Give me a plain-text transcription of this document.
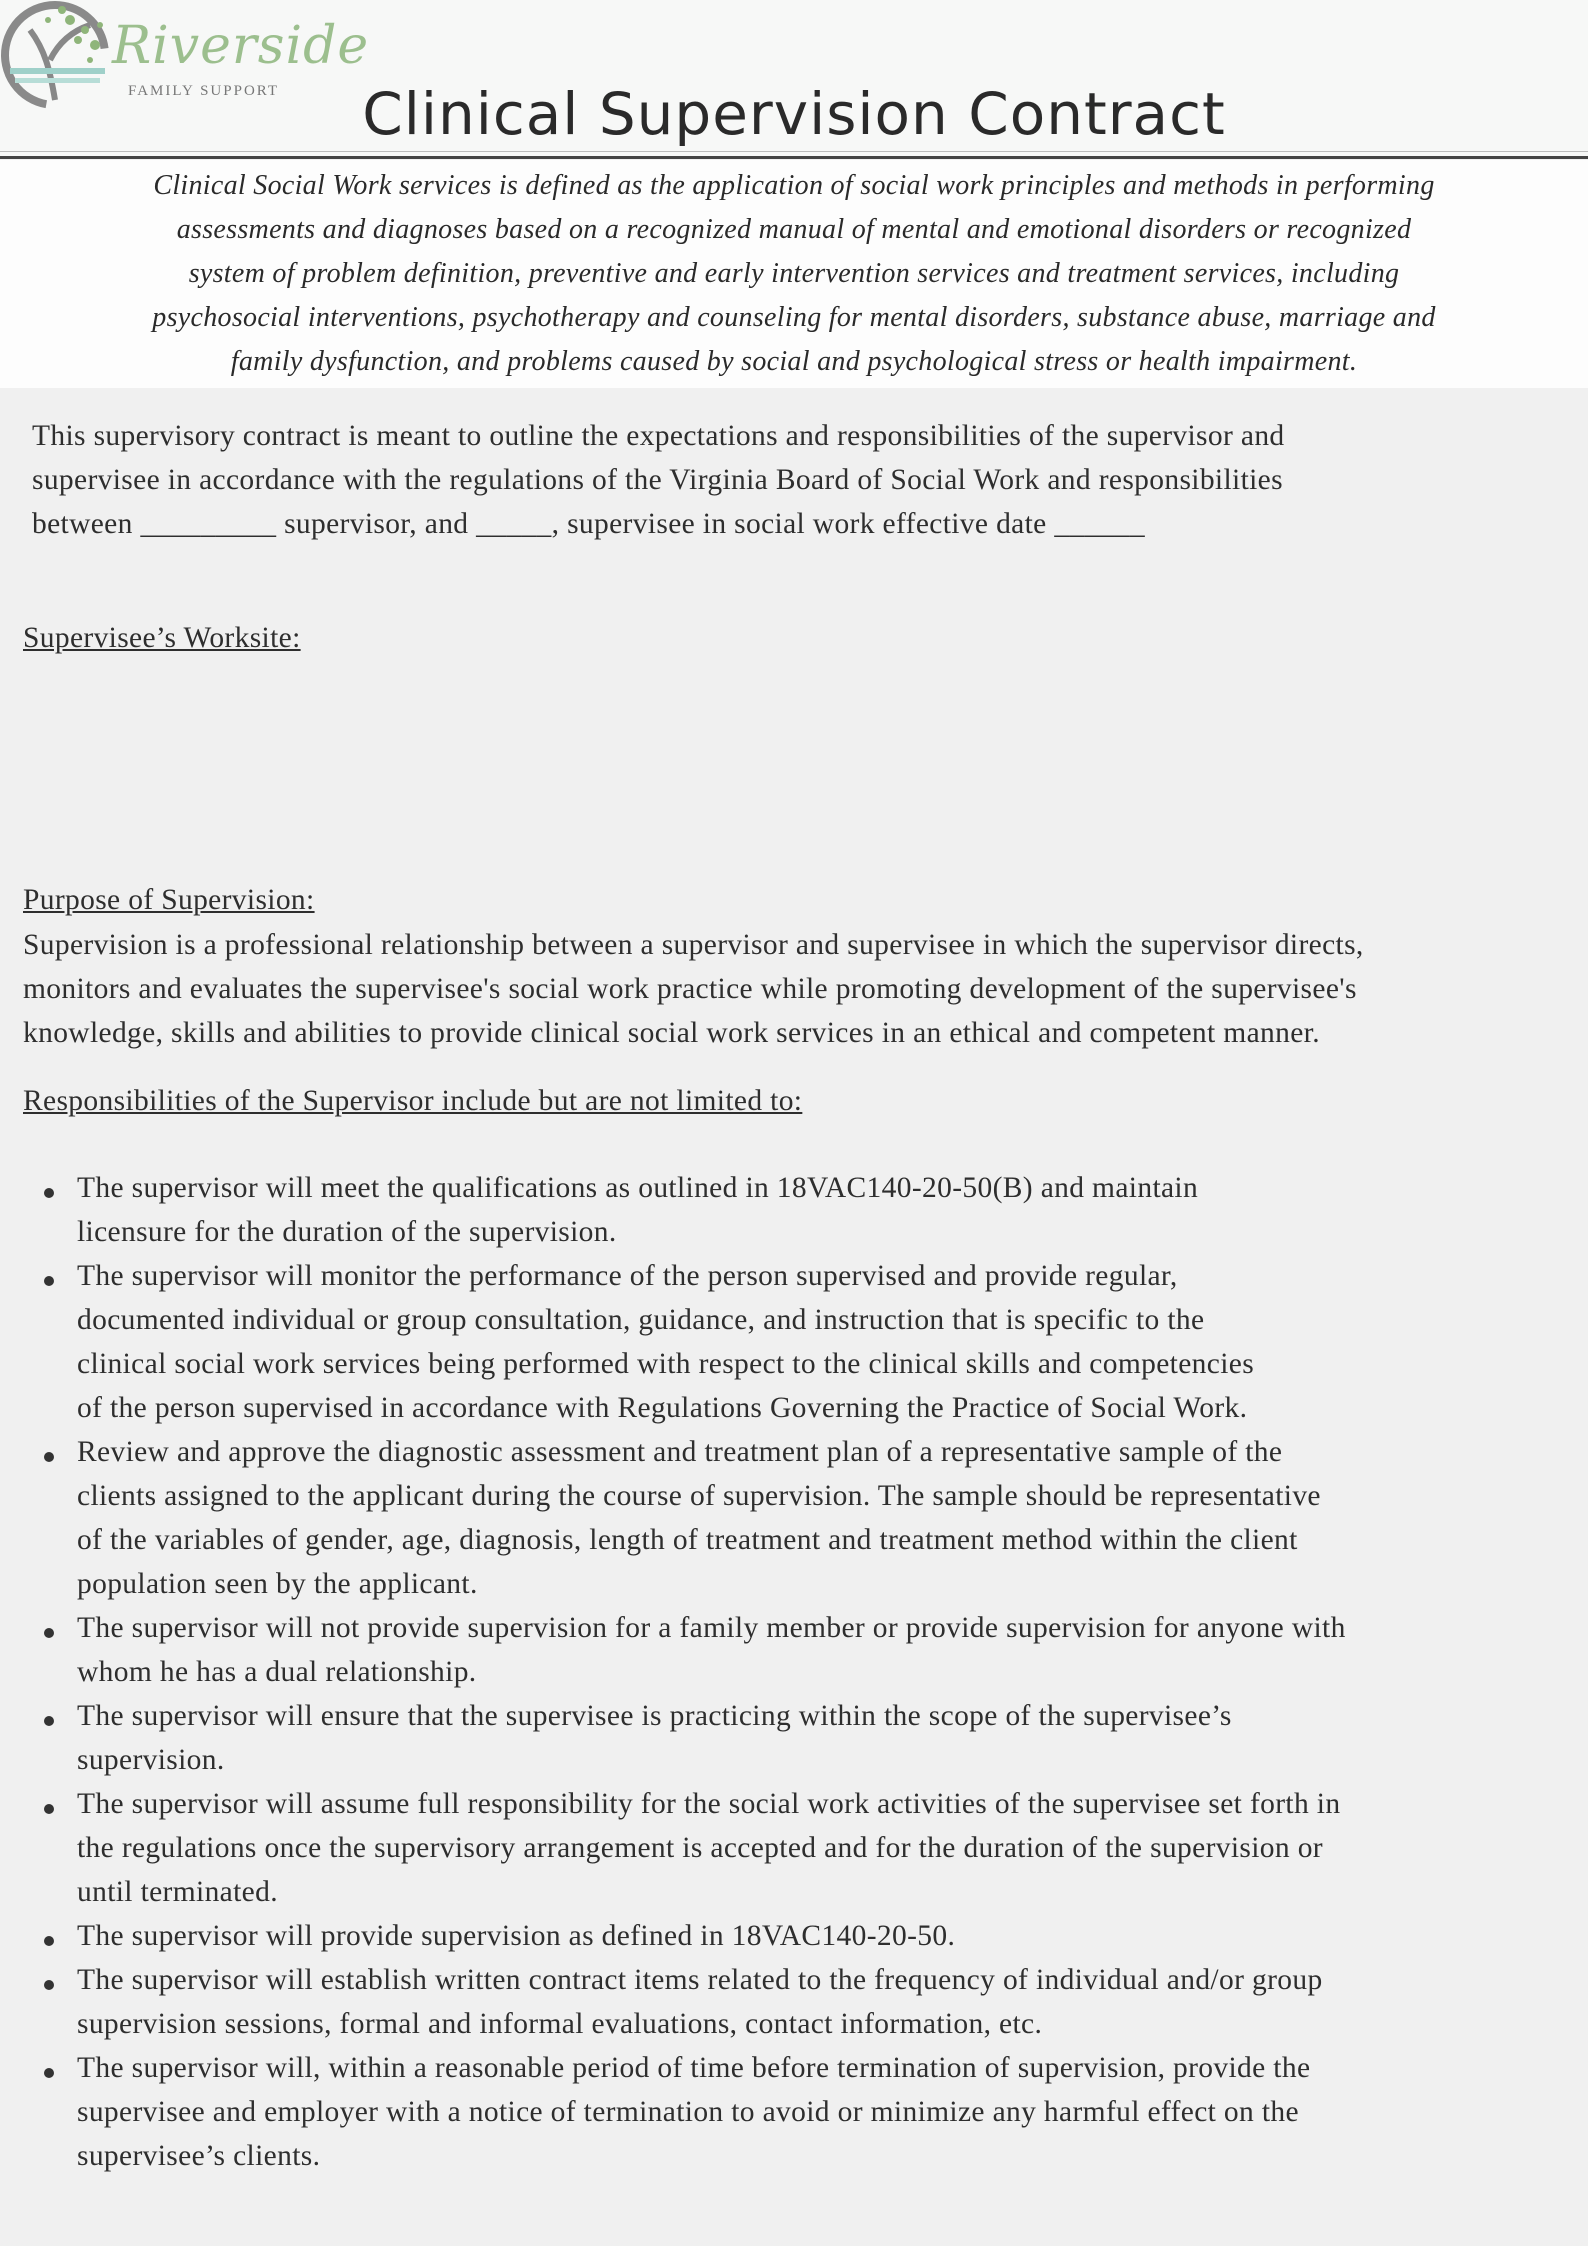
Riverside
FAMILY SUPPORT	Clinical Supervision Contract
Clinical Social Work services is defined as the application of social work principles and methods in performing
assessments and diagnoses based on a recognized manual of mental and emotional disorders or recognized
system of problem definition, preventive and early intervention services and treatment services, including
psychosocial interventions, psychotherapy and counseling for mental disorders, substance abuse, marriage and
family dysfunction, and problems caused by social and psychological stress or health impairment.
This supervisory contract is meant to outline the expectations and responsibilities of the supervisor and
supervisee in accordance with the regulations of the Virginia Board of Social Work and responsibilities
between _________ supervisor, and _____, supervisee in social work effective date ______
Supervisee’s Worksite:
Purpose of Supervision:
Supervision is a professional relationship between a supervisor and supervisee in which the supervisor directs,
monitors and evaluates the supervisee's social work practice while promoting development of the supervisee's
knowledge, skills and abilities to provide clinical social work services in an ethical and competent manner.
Responsibilities of the Supervisor include but are not limited to:
The supervisor will meet the qualifications as outlined in 18VAC140-20-50(B) and maintain
licensure for the duration of the supervision.
The supervisor will monitor the performance of the person supervised and provide regular,
documented individual or group consultation, guidance, and instruction that is specific to the
clinical social work services being performed with respect to the clinical skills and competencies
of the person supervised in accordance with Regulations Governing the Practice of Social Work.
Review and approve the diagnostic assessment and treatment plan of a representative sample of the
clients assigned to the applicant during the course of supervision. The sample should be representative
of the variables of gender, age, diagnosis, length of treatment and treatment method within the client
population seen by the applicant.
The supervisor will not provide supervision for a family member or provide supervision for anyone with
whom he has a dual relationship.
The supervisor will ensure that the supervisee is practicing within the scope of the supervisee’s
supervision.
The supervisor will assume full responsibility for the social work activities of the supervisee set forth in
the regulations once the supervisory arrangement is accepted and for the duration of the supervision or
until terminated.
The supervisor will provide supervision as defined in 18VAC140-20-50.
The supervisor will establish written contract items related to the frequency of individual and/or group
supervision sessions, formal and informal evaluations, contact information, etc.
The supervisor will, within a reasonable period of time before termination of supervision, provide the
supervisee and employer with a notice of termination to avoid or minimize any harmful effect on the
supervisee’s clients.
